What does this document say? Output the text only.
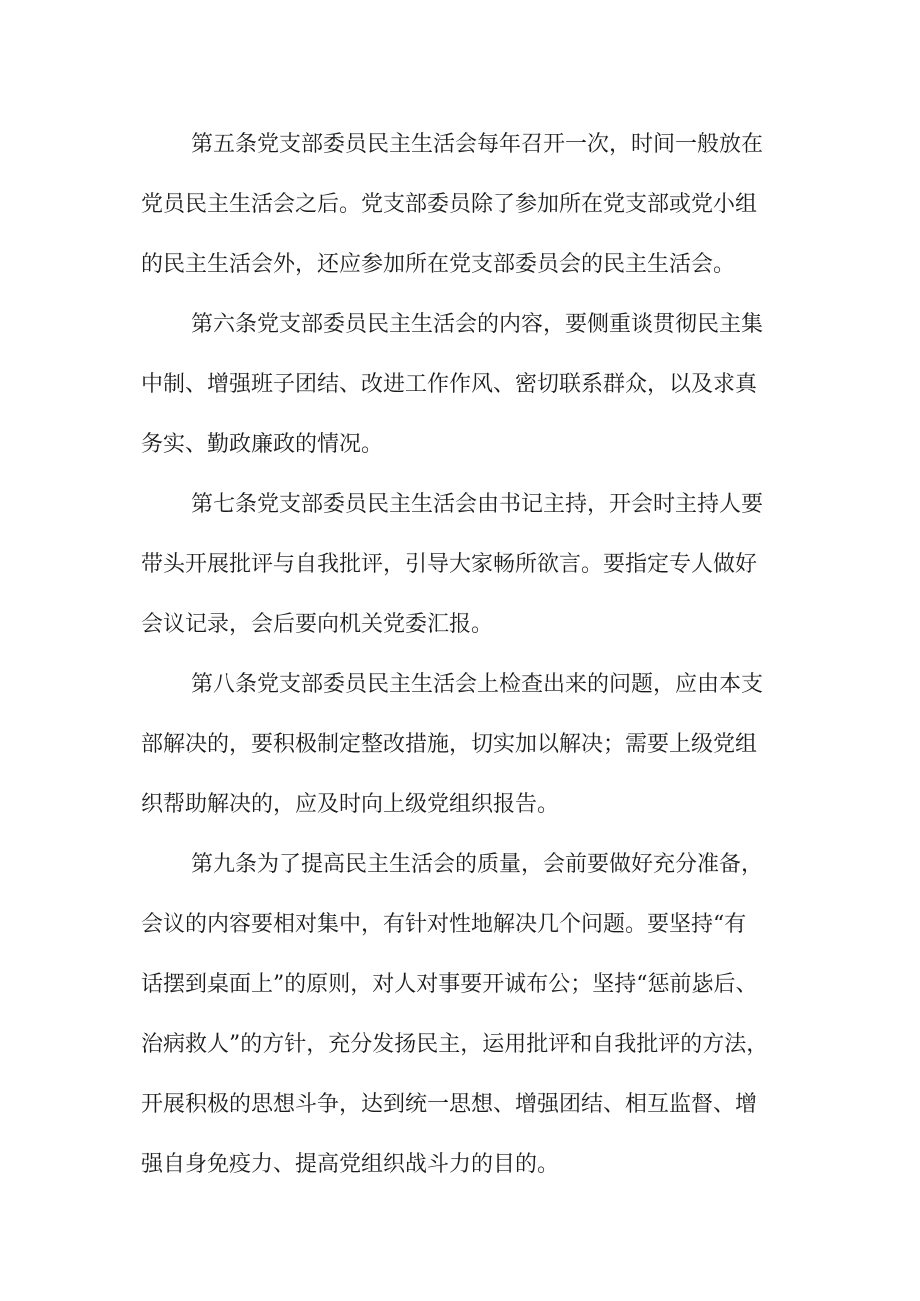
第五条党支部委员民主生活会每年召开一次，时间一般放在
党员民主生活会之后。党支部委员除了参加所在党支部或党小组
的民主生活会外，还应参加所在党支部委员会的民主生活会。
第六条党支部委员民主生活会的内容，要侧重谈贯彻民主集
中制、增强班子团结、改进工作作风、密切联系群众，以及求真
务实、勤政廉政的情况。
第七条党支部委员民主生活会由书记主持，开会时主持人要
带头开展批评与自我批评，引导大家畅所欲言。要指定专人做好
会议记录，会后要向机关党委汇报。
第八条党支部委员民主生活会上检查出来的问题，应由本支
部解决的，要积极制定整改措施，切实加以解决；需要上级党组
织帮助解决的，应及时向上级党组织报告。
第九条为了提高民主生活会的质量，会前要做好充分准备，
会议的内容要相对集中，有针对性地解决几个问题。要坚持“有
话摆到桌面上”的原则，对人对事要开诚布公；坚持“惩前毖后、
治病救人”的方针，充分发扬民主，运用批评和自我批评的方法，
开展积极的思想斗争，达到统一思想、增强团结、相互监督、增
强自身免疫力、提高党组织战斗力的目的。
